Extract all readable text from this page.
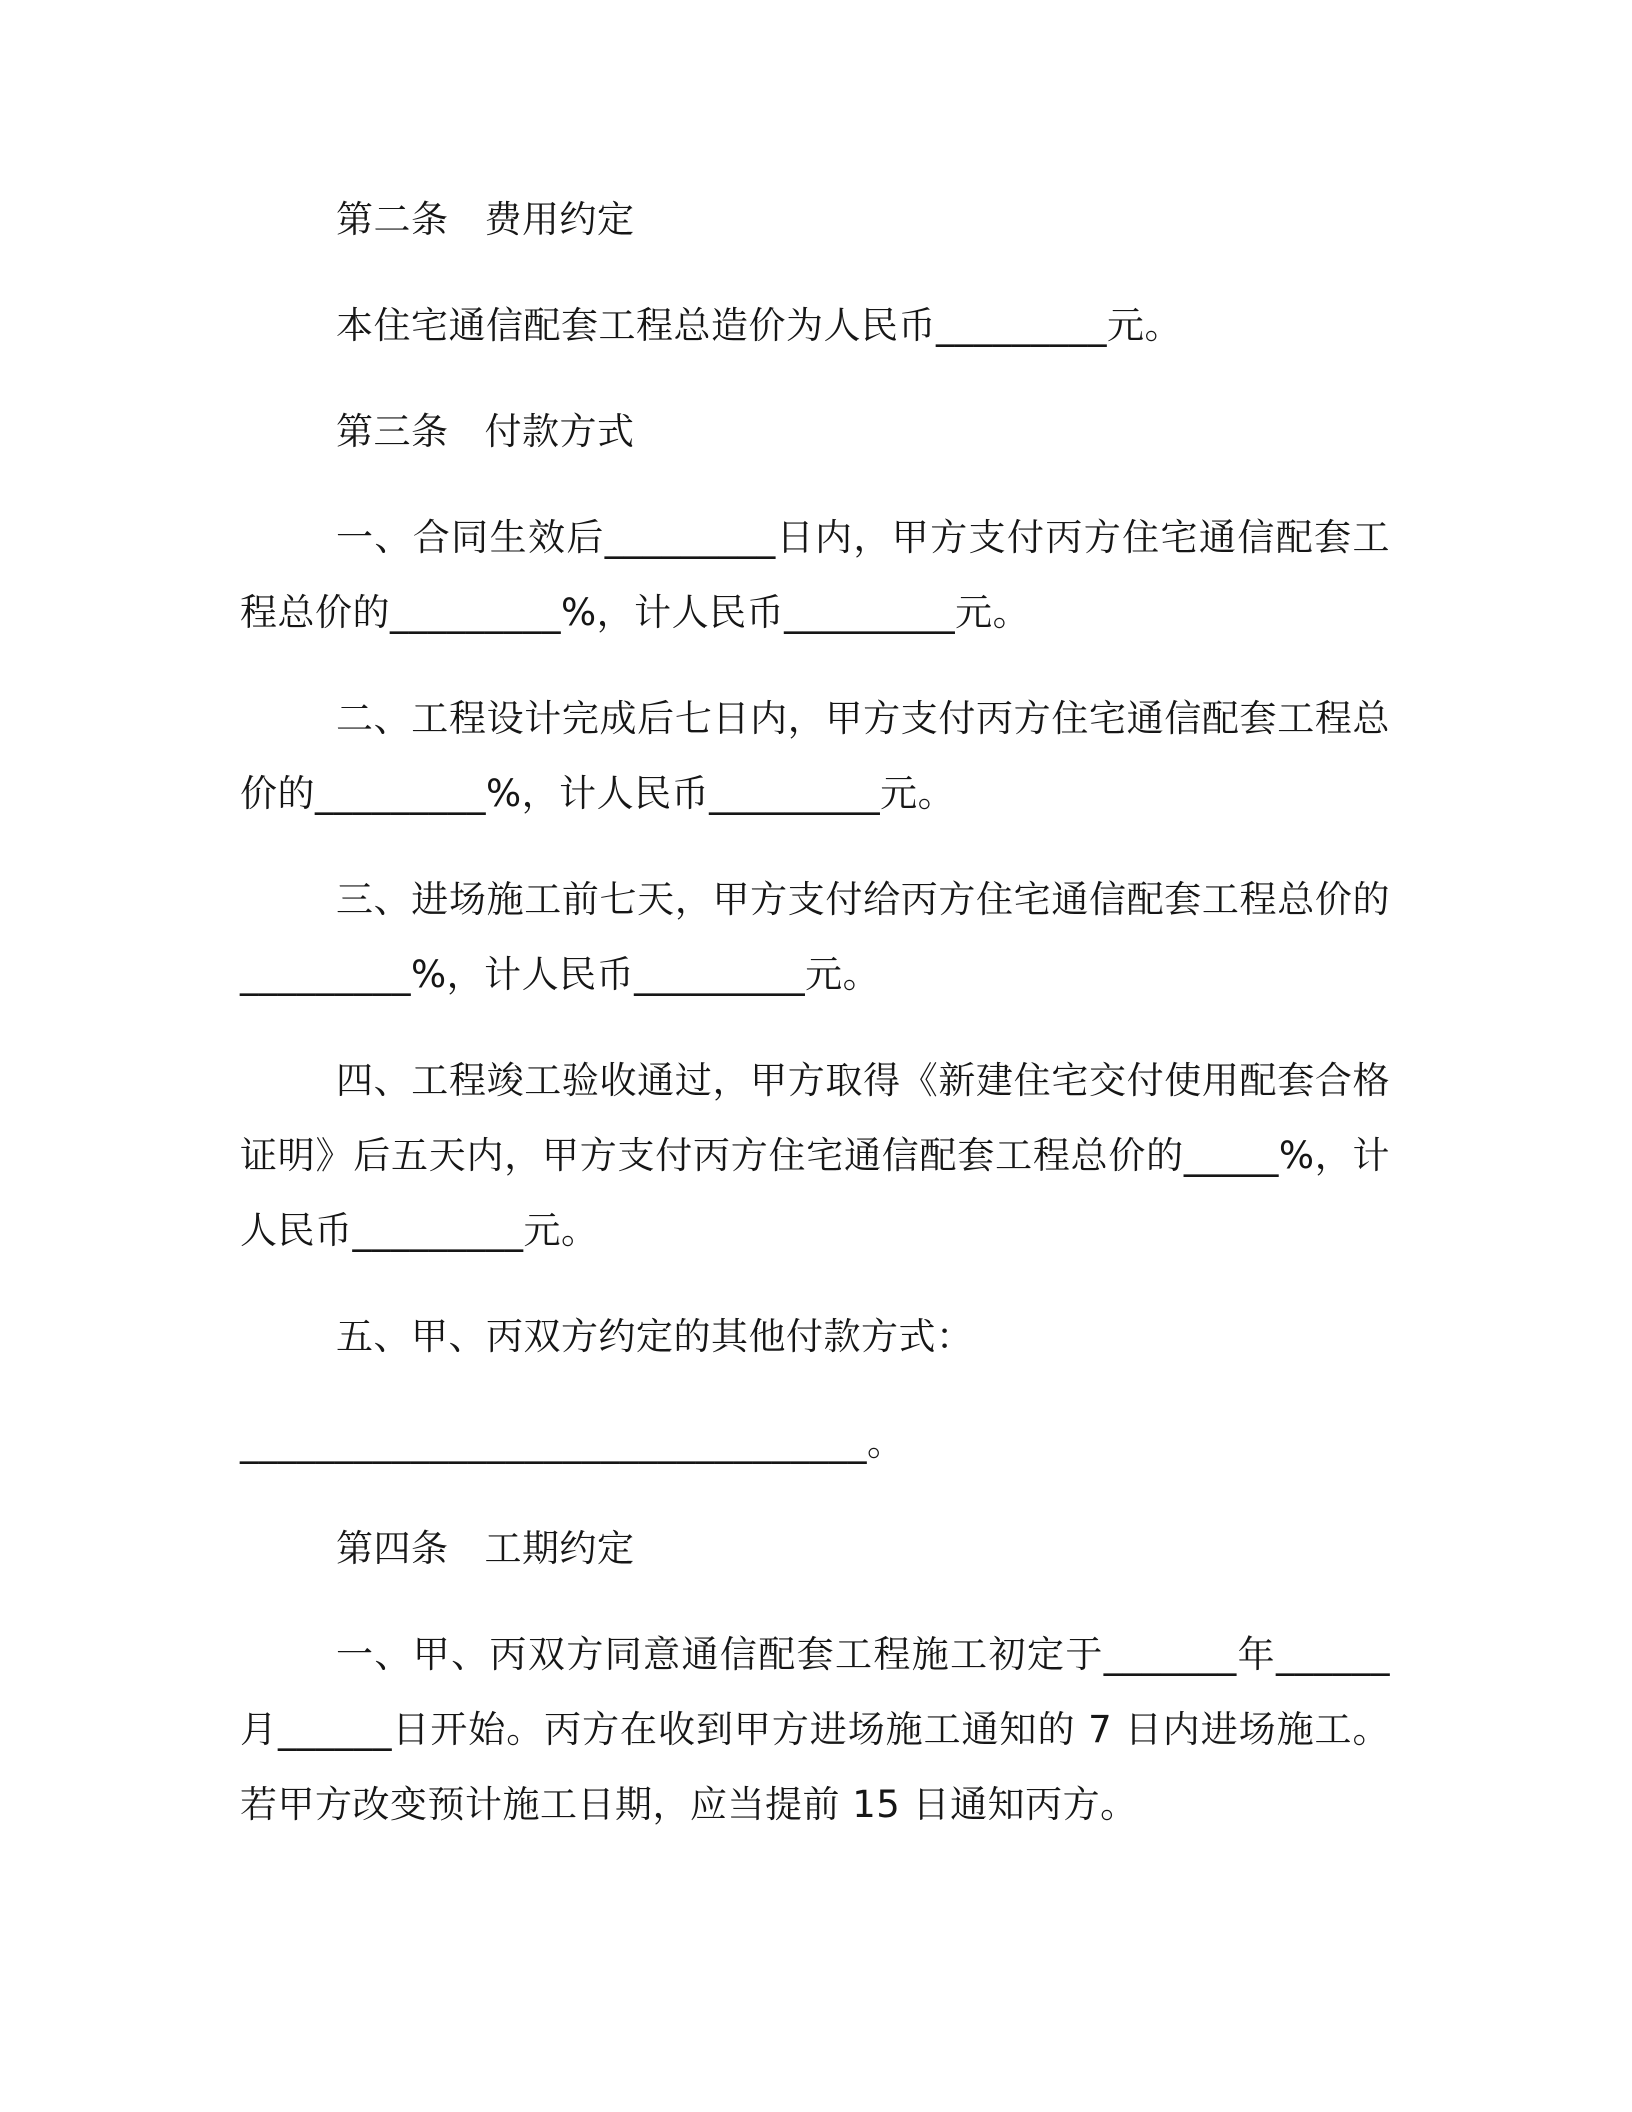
第二条 费用约定

本住宅通信配套工程总造价为人民币_________元。

第三条 付款方式

一、合同生效后_________日内，甲方支付丙方住宅通信配套工程总价的_________%，计人民币_________元。

二、工程设计完成后七日内，甲方支付丙方住宅通信配套工程总价的_________%，计人民币_________元。

三、进场施工前七天，甲方支付给丙方住宅通信配套工程总价的_________%，计人民币_________元。

四、工程竣工验收通过，甲方取得《新建住宅交付使用配套合格证明》后五天内，甲方支付丙方住宅通信配套工程总价的_____%，计人民币_________元。

五、甲、丙双方约定的其他付款方式：

_________________________________。

第四条 工期约定

一、甲、丙双方同意通信配套工程施工初定于_______年______月______日开始。丙方在收到甲方进场施工通知的 7 日内进场施工。若甲方改变预计施工日期，应当提前 15 日通知丙方。
